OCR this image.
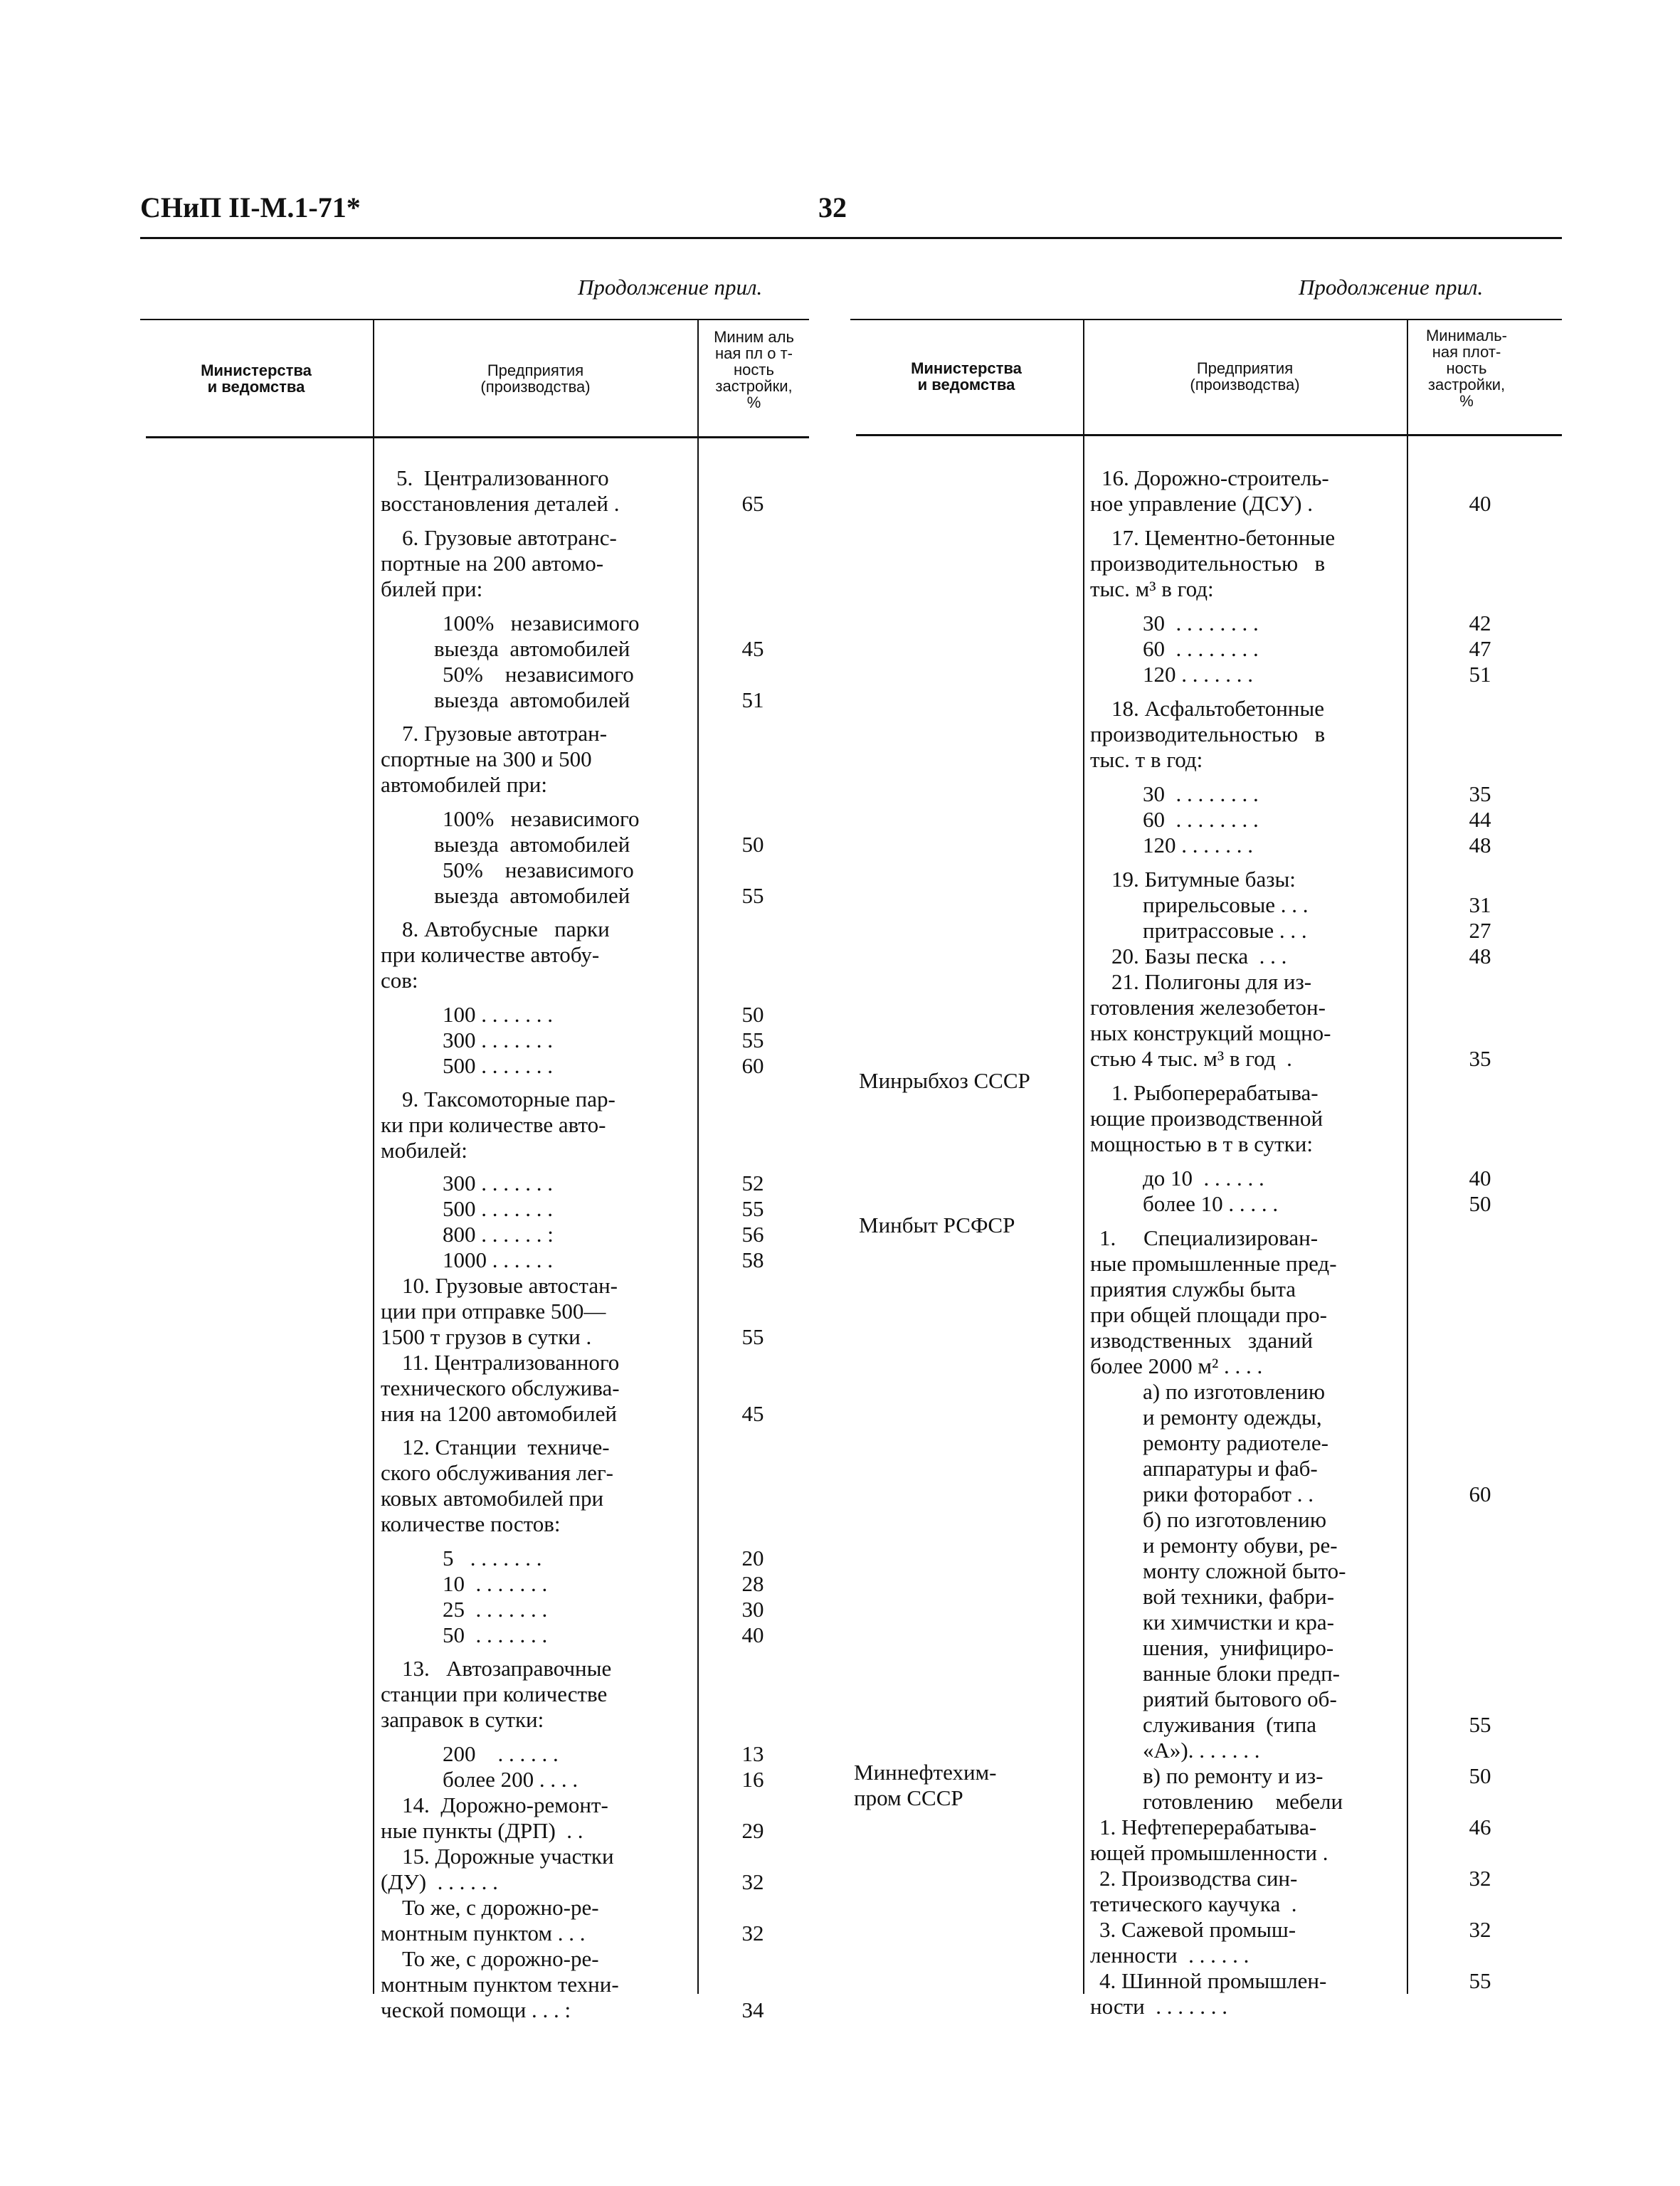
СНиП II-М.1-71*	32
Продолжение прил.	Продолжение прил.
Министерства
и ведомства
Предприятия
(производства)
Миним аль
ная пл о т-
ность
застройки,
%
Министерства
и ведомства
Предприятия
(производства)
Минималь-
ная плот-
ность
застройки,
%
5.  Централизованного
восстановления деталей .
6. Грузовые автотранс-
портные на 200 автомо-
билей при:
100%   независимого
выезда  автомобилей
50%    независимого
выезда  автомобилей
7. Грузовые автотран-
спортные на 300 и 500
автомобилей при:
100%   независимого
выезда  автомобилей
50%    независимого
выезда  автомобилей
8. Автобусные   парки
при количестве автобу-
сов:
100 . . . . . . .
300 . . . . . . .
500 . . . . . . .
9. Таксомоторные пар-
ки при количестве авто-
мобилей:
300 . . . . . . .
500 . . . . . . .
800 . . . . . . :
1000 . . . . . .
10. Грузовые автостан-
ции при отправке 500—
1500 т грузов в сутки .
11. Централизованного
технического обслужива-
ния на 1200 автомобилей
12. Станции  техниче-
ского обслуживания лег-
ковых автомобилей при
количестве постов:
5   . . . . . . .
10  . . . . . . .
25  . . . . . . .
50  . . . . . . .
13.   Автозаправочные
станции при количестве
заправок в сутки:
200    . . . . . .
более 200 . . . .
14.  Дорожно-ремонт-
ные пункты (ДРП)  . .
15. Дорожные участки
(ДУ)  . . . . . .
То же, с дорожно-ре-
монтным пунктом . . .
То же, с дорожно-ре-
монтным пунктом техни-
ческой помощи . . . :
65
45
51
50
55
50
55
60
52
55
56
58
55
45
20
28
30
40
13
16
29
32
32
34
Минрыбхоз СССР
Минбыт РСФСР
Миннефтехим-
пром СССР
16. Дорожно-строитель-
ное управление (ДСУ) .
17. Цементно-бетонные
производительностью   в
тыс. м³ в год:
30  . . . . . . . .
60  . . . . . . . .
120 . . . . . . .
18. Асфальтобетонные
производительностью   в
тыс. т в год:
30  . . . . . . . .
60  . . . . . . . .
120 . . . . . . .
19. Битумные базы:
прирельсовые . . .
притрассовые . . .
20. Базы песка  . . .
21. Полигоны для из-
готовления железобетон-
ных конструкций мощно-
стью 4 тыс. м³ в год  .
1. Рыбоперерабатыва-
ющие производственной
мощностью в т в сутки:
до 10  . . . . . .
более 10 . . . . .
1.     Специализирован-
ные промышленные пред-
приятия службы быта
при общей площади про-
изводственных   зданий
более 2000 м² . . . .
а) по изготовлению
и ремонту одежды,
ремонту радиотеле-
аппаратуры и фаб-
рики фоторабот . .
б) по изготовлению
и ремонту обуви, ре-
монту сложной быто-
вой техники, фабри-
ки химчистки и кра-
шения,  унифициро-
ванные блоки предп-
риятий бытового об-
служивания  (типа
«А»). . . . . . .
в) по ремонту и из-
готовлению    мебели
1. Нефтеперерабатыва-
ющей промышленности .
2. Производства син-
тетического каучука  .
3. Сажевой промыш-
ленности  . . . . . .
4. Шинной промышлен-
ности  . . . . . . .
40
42
47
51
35
44
48
31
27
48
35
40
50
60
55
50
46
32
32
55
